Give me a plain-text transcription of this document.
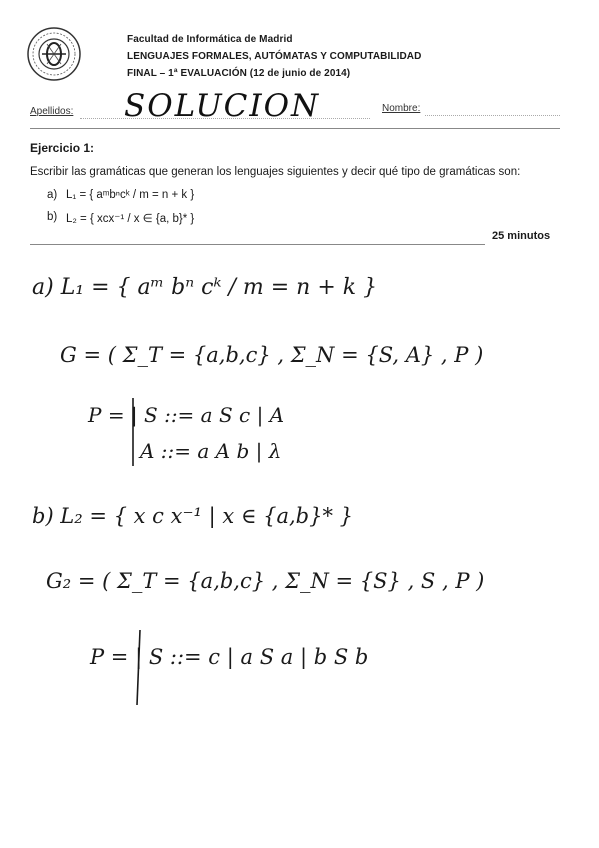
Facultad de Informática de Madrid
LENGUAJES FORMALES, AUTÓMATAS Y COMPUTABILIDAD
FINAL – 1ª EVALUACIÓN (12 de junio de 2014)
Apellidos:	Nombre:
SOLUCION
Ejercicio 1:
Escribir las gramáticas que generan los lenguajes siguientes y decir qué tipo de gramáticas son:
a) L₁ = { aᵐbⁿcᵏ / m = n + k }
b) L₂ = { xcx⁻¹ / x ∈ {a, b}* }
25 minutos
a) L₁ = { aᵐ bⁿ cᵏ / m = n + k }
G = ( Σ_T = {a,b,c} , Σ_N = {S, A} , P )
P = | S ::= a S c | A
A ::= a A b | λ
b) L₂ = { x c x⁻¹ | x ∈ {a,b}* }
G₂ = ( Σ_T = {a,b,c} , Σ_N = {S} , S , P )
P = | S ::= c | a S a | b S b
